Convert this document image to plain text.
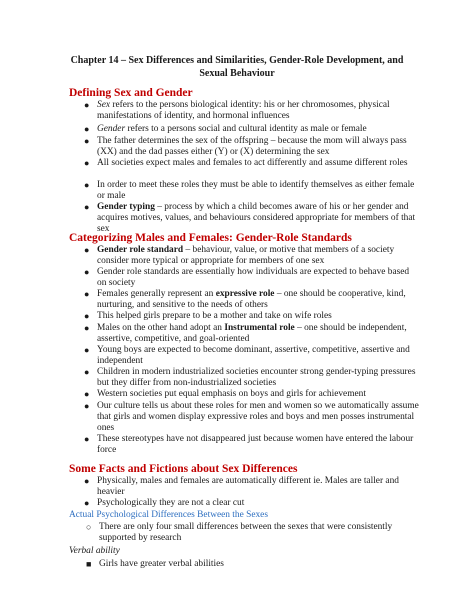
Chapter 14 – Sex Differences and Similarities, Gender-Role Development, and
Sexual Behaviour
Defining Sex and Gender
● Sex refers to the persons biological identity: his or her chromosomes, physical manifestations of identity, and hormonal influences
● Gender refers to a persons social and cultural identity as male or female
● The father determines the sex of the offspring – because the mom will always pass (XX) and the dad passes either (Y) or (X) determining the sex
● All societies expect males and females to act differently and assume different roles
● In order to meet these roles they must be able to identify themselves as either female or male
● Gender typing – process by which a child becomes aware of his or her gender and acquires motives, values, and behaviours considered appropriate for members of that sex
Categorizing Males and Females: Gender-Role Standards
● Gender role standard – behaviour, value, or motive that members of a society consider more typical or appropriate for members of one sex
● Gender role standards are essentially how individuals are expected to behave based on society
● Females generally represent an expressive role – one should be cooperative, kind, nurturing, and sensitive to the needs of others
● This helped girls prepare to be a mother and take on wife roles
● Males on the other hand adopt an Instrumental role – one should be independent, assertive, competitive, and goal-oriented
● Young boys are expected to become dominant, assertive, competitive, assertive and independent
● Children in modern industrialized societies encounter strong gender-typing pressures but they differ from non-industrialized societies
● Western societies put equal emphasis on boys and girls for achievement
● Our culture tells us about these roles for men and women so we automatically assume that girls and women display expressive roles and boys and men posses instrumental ones
● These stereotypes have not disappeared just because women have entered the labour force
Some Facts and Fictions about Sex Differences
● Physically, males and females are automatically different ie. Males are taller and heavier
● Psychologically they are not a clear cut
Actual Psychological Differences Between the Sexes
○ There are only four small differences between the sexes that were consistently supported by research
Verbal ability
■ Girls have greater verbal abilities
